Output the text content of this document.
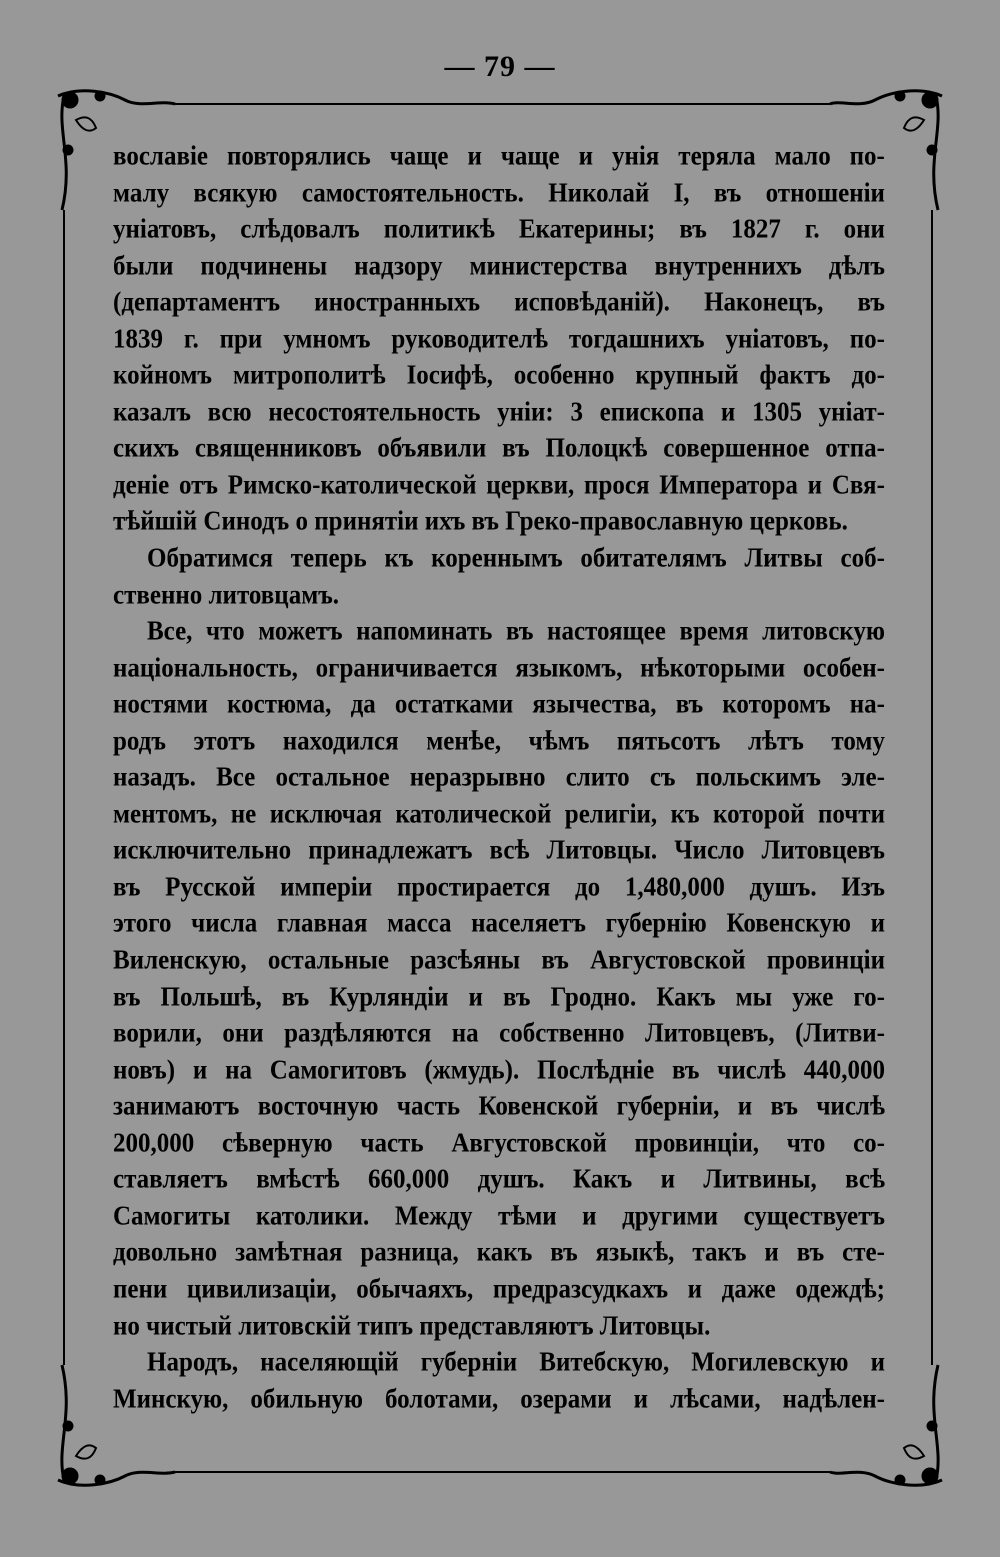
— 79 —
вославіе повторялись чаще и чаще и унія теряла мало по-
малу всякую самостоятельность. Николай I, въ отношеніи
уніатовъ, слѣдовалъ политикѣ Екатерины; въ 1827 г. они
были подчинены надзору министерства внутреннихъ дѣлъ
(департаментъ иностранныхъ исповѣданій). Наконецъ, въ
1839 г. при умномъ руководителѣ тогдашнихъ уніатовъ, по-
койномъ митрополитѣ Іосифѣ, особенно крупный фактъ до-
казалъ всю несостоятельность уніи: 3 епископа и 1305 уніат-
скихъ священниковъ объявили въ Полоцкѣ совершенное отпа-
деніе отъ Римско-католической церкви, прося Императора и Свя-
тѣйшій Синодъ о принятіи ихъ въ Греко-православную церковь.
Обратимся теперь къ кореннымъ обитателямъ Литвы соб-
ственно литовцамъ.
Все, что можетъ напоминать въ настоящее время литовскую
національность, ограничивается языкомъ, нѣкоторыми особен-
ностями костюма, да остатками язычества, въ которомъ на-
родъ этотъ находился менѣе, чѣмъ пятьсотъ лѣтъ тому
назадъ. Все остальное неразрывно слито съ польскимъ эле-
ментомъ, не исключая католической религіи, къ которой почти
исключительно принадлежатъ всѣ Литовцы. Число Литовцевъ
въ Русской имперіи простирается до 1,480,000 душъ. Изъ
этого числа главная масса населяетъ губернію Ковенскую и
Виленскую, остальные разсѣяны въ Августовской провинціи
въ Польшѣ, въ Курляндіи и въ Гродно. Какъ мы уже го-
ворили, они раздѣляются на собственно Литовцевъ, (Литви-
новъ) и на Самогитовъ (жмудь). Послѣдніе въ числѣ 440,000
занимаютъ восточную часть Ковенской губерніи, и въ числѣ
200,000 сѣверную часть Августовской провинціи, что со-
ставляетъ вмѣстѣ 660,000 душъ. Какъ и Литвины, всѣ
Самогиты католики. Между тѣми и другими существуетъ
довольно замѣтная разница, какъ въ языкѣ, такъ и въ сте-
пени цивилизаціи, обычаяхъ, предразсудкахъ и даже одеждѣ;
но чистый литовскій типъ представляютъ Литовцы.
Народъ, населяющій губерніи Витебскую, Могилевскую и
Минскую, обильную болотами, озерами и лѣсами, надѣлен-
